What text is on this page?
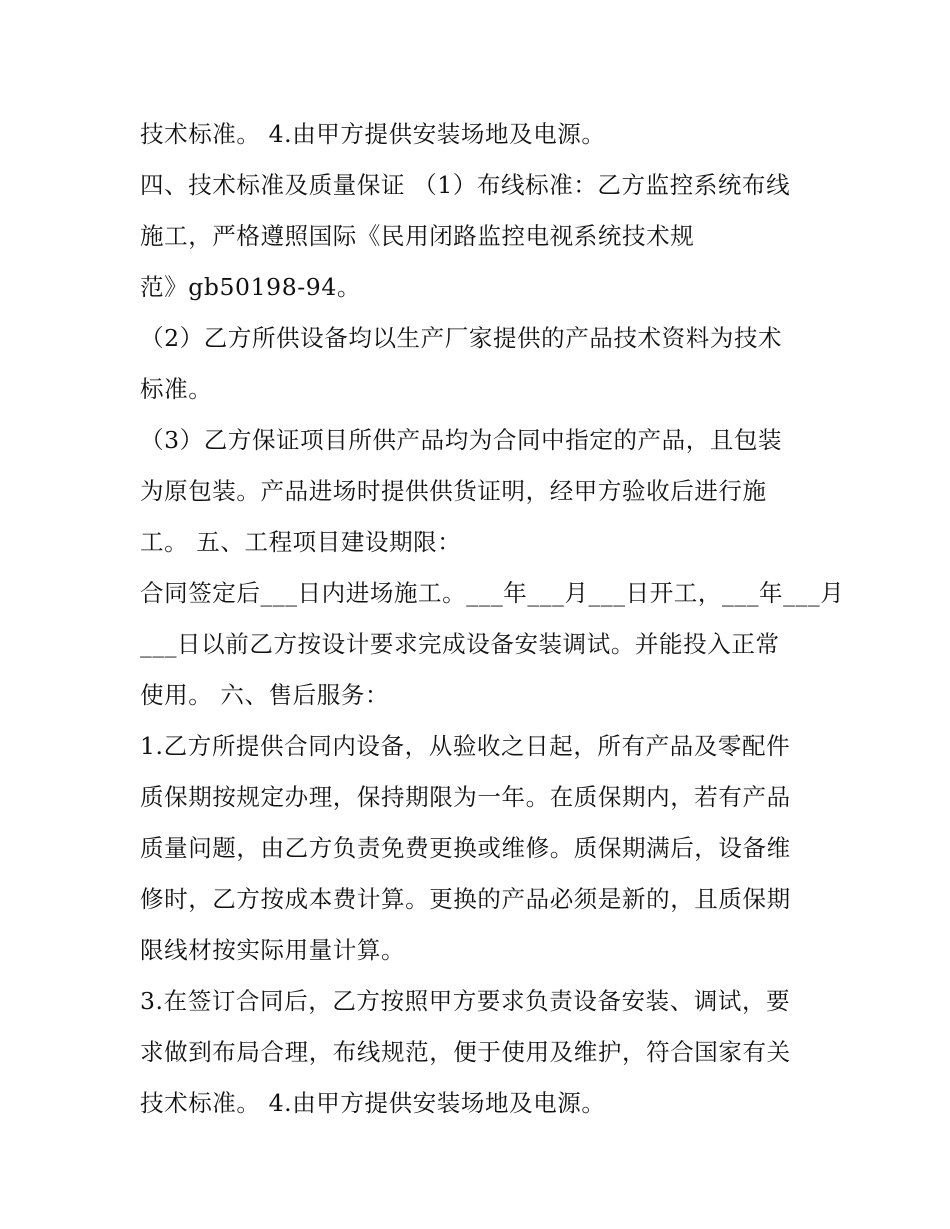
技术标准。 4.由甲方提供安装场地及电源。
四、技术标准及质量保证 （1）布线标准：乙方监控系统布线
施工，严格遵照国际《民用闭路监控电视系统技术规
范》gb50198-94。
（2）乙方所供设备均以生产厂家提供的产品技术资料为技术
标准。
（3）乙方保证项目所供产品均为合同中指定的产品，且包装
为原包装。产品进场时提供供货证明，经甲方验收后进行施
工。 五、工程项目建设期限：
合同签定后___日内进场施工。___年___月___日开工，___年___月
___日以前乙方按设计要求完成设备安装调试。并能投入正常
使用。 六、售后服务：
1.乙方所提供合同内设备，从验收之日起，所有产品及零配件
质保期按规定办理，保持期限为一年。在质保期内，若有产品
质量问题，由乙方负责免费更换或维修。质保期满后，设备维
修时，乙方按成本费计算。更换的产品必须是新的，且质保期
限线材按实际用量计算。
3.在签订合同后，乙方按照甲方要求负责设备安装、调试，要
求做到布局合理，布线规范，便于使用及维护，符合国家有关
技术标准。 4.由甲方提供安装场地及电源。
